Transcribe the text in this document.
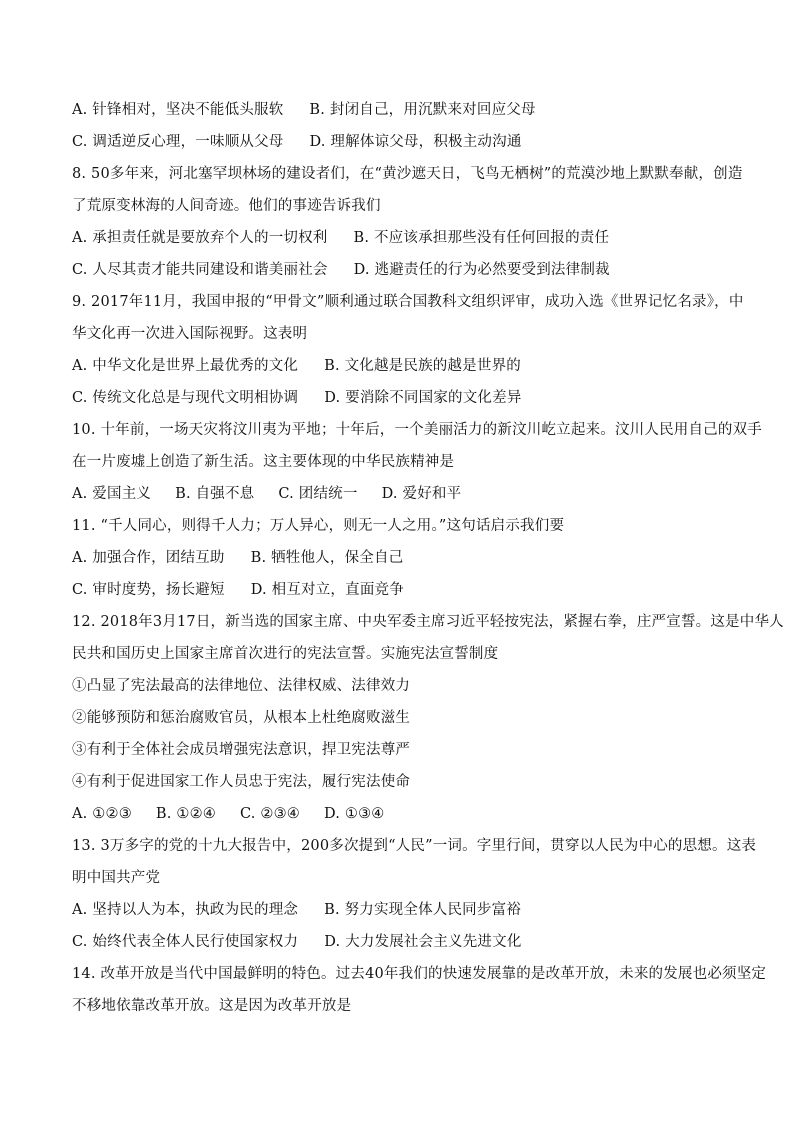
A. 针锋相对，坚决不能低头服软 B. 封闭自己，用沉默来对回应父母
C. 调适逆反心理，一味顺从父母 D. 理解体谅父母，积极主动沟通
8. 50多年来，河北塞罕坝林场的建设者们，在“黄沙遮天日，飞鸟无栖树”的荒漠沙地上默默奉献，创造
了荒原变林海的人间奇迹。他们的事迹告诉我们
A. 承担责任就是要放弃个人的一切权利 B. 不应该承担那些没有任何回报的责任
C. 人尽其责才能共同建设和谐美丽社会 D. 逃避责任的行为必然要受到法律制裁
9. 2017年11月，我国申报的“甲骨文”顺利通过联合国教科文组织评审，成功入选《世界记忆名录》，中
华文化再一次进入国际视野。这表明
A. 中华文化是世界上最优秀的文化 B. 文化越是民族的越是世界的
C. 传统文化总是与现代文明相协调 D. 要消除不同国家的文化差异
10. 十年前，一场天灾将汶川夷为平地；十年后，一个美丽活力的新汶川屹立起来。汶川人民用自己的双手
在一片废墟上创造了新生活。这主要体现的中华民族精神是
A. 爱国主义 B. 自强不息 C. 团结统一 D. 爱好和平
11. “千人同心，则得千人力；万人异心，则无一人之用。”这句话启示我们要
A. 加强合作，团结互助 B. 牺牲他人，保全自己
C. 审时度势，扬长避短 D. 相互对立，直面竞争
12. 2018年3月17日，新当选的国家主席、中央军委主席习近平轻按宪法，紧握右拳，庄严宣誓。这是中华人
民共和国历史上国家主席首次进行的宪法宣誓。实施宪法宣誓制度
①凸显了宪法最高的法律地位、法律权威、法律效力
②能够预防和惩治腐败官员，从根本上杜绝腐败滋生
③有利于全体社会成员增强宪法意识，捍卫宪法尊严
④有利于促进国家工作人员忠于宪法，履行宪法使命
A. ①②③ B. ①②④ C. ②③④ D. ①③④
13. 3万多字的党的十九大报告中，200多次提到“人民”一词。字里行间，贯穿以人民为中心的思想。这表
明中国共产党
A. 坚持以人为本，执政为民的理念 B. 努力实现全体人民同步富裕
C. 始终代表全体人民行使国家权力 D. 大力发展社会主义先进文化
14. 改革开放是当代中国最鲜明的特色。过去40年我们的快速发展靠的是改革开放，未来的发展也必须坚定
不移地依靠改革开放。这是因为改革开放是
